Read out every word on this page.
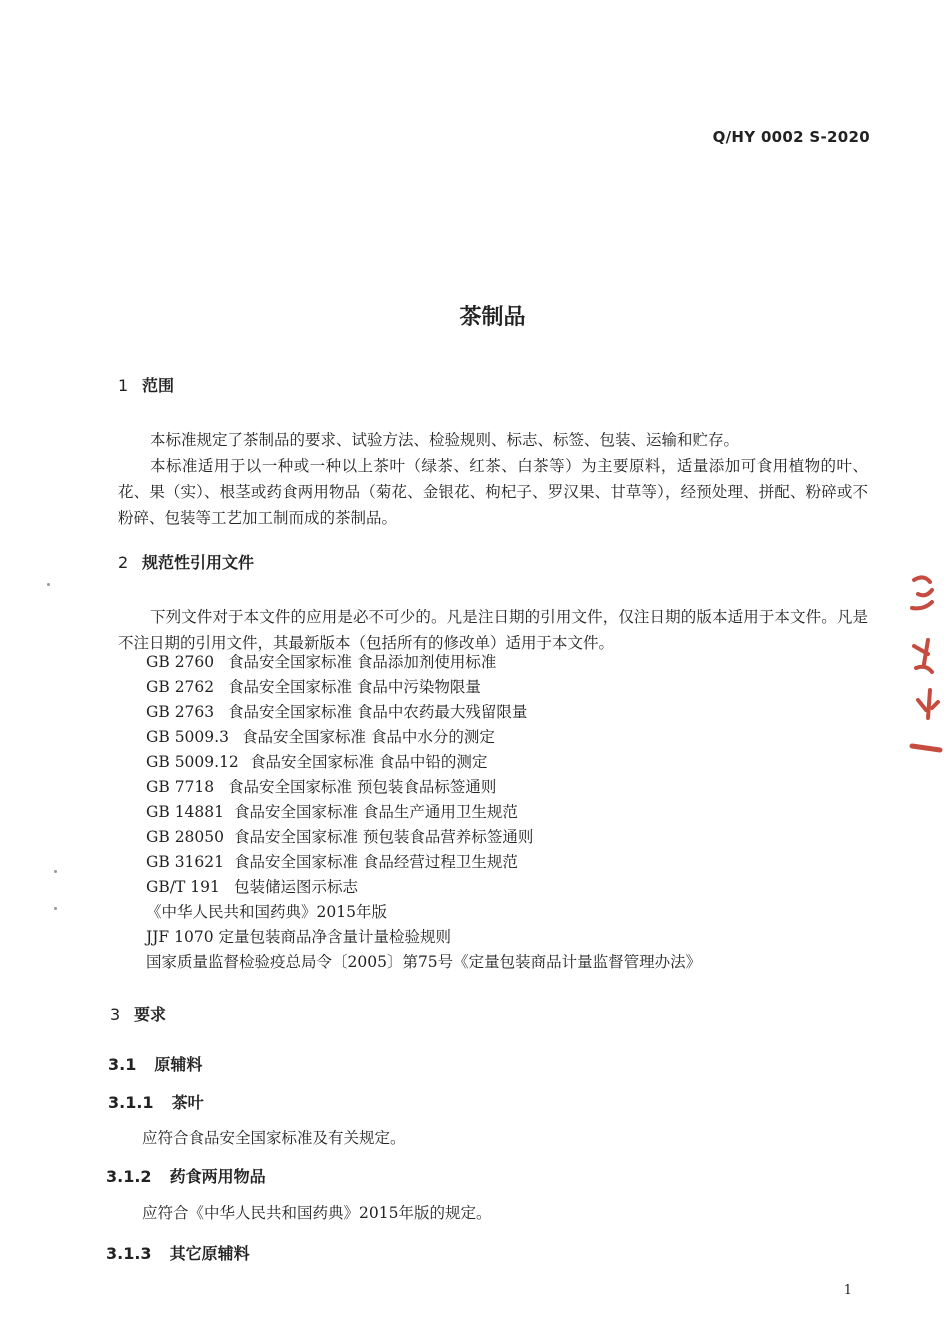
Q/HY 0002 S-2020
茶制品
1 范围
本标准规定了茶制品的要求、试验方法、检验规则、标志、标签、包装、运输和贮存。
本标准适用于以一种或一种以上茶叶（绿茶、红茶、白茶等）为主要原料，适量添加可食用植物的叶、花、果（实）、根茎或药食两用物品（菊花、金银花、枸杞子、罗汉果、甘草等），经预处理、拼配、粉碎或不粉碎、包装等工艺加工制而成的茶制品。
2 规范性引用文件
下列文件对于本文件的应用是必不可少的。凡是注日期的引用文件，仅注日期的版本适用于本文件。凡是不注日期的引用文件，其最新版本（包括所有的修改单）适用于本文件。
GB 2760 食品安全国家标准 食品添加剂使用标准
GB 2762 食品安全国家标准 食品中污染物限量
GB 2763 食品安全国家标准 食品中农药最大残留限量
GB 5009.3 食品安全国家标准 食品中水分的测定
GB 5009.12 食品安全国家标准 食品中铅的测定
GB 7718 食品安全国家标准 预包装食品标签通则
GB 14881 食品安全国家标准 食品生产通用卫生规范
GB 28050 食品安全国家标准 预包装食品营养标签通则
GB 31621 食品安全国家标准 食品经营过程卫生规范
GB/T 191 包装储运图示标志
《中华人民共和国药典》2015年版
JJF 1070 定量包装商品净含量计量检验规则
国家质量监督检验疫总局令〔2005〕第75号《定量包装商品计量监督管理办法》
3 要求
3.1 原辅料
3.1.1 茶叶
应符合食品安全国家标准及有关规定。
3.1.2 药食两用物品
应符合《中华人民共和国药典》2015年版的规定。
3.1.3 其它原辅料
1
